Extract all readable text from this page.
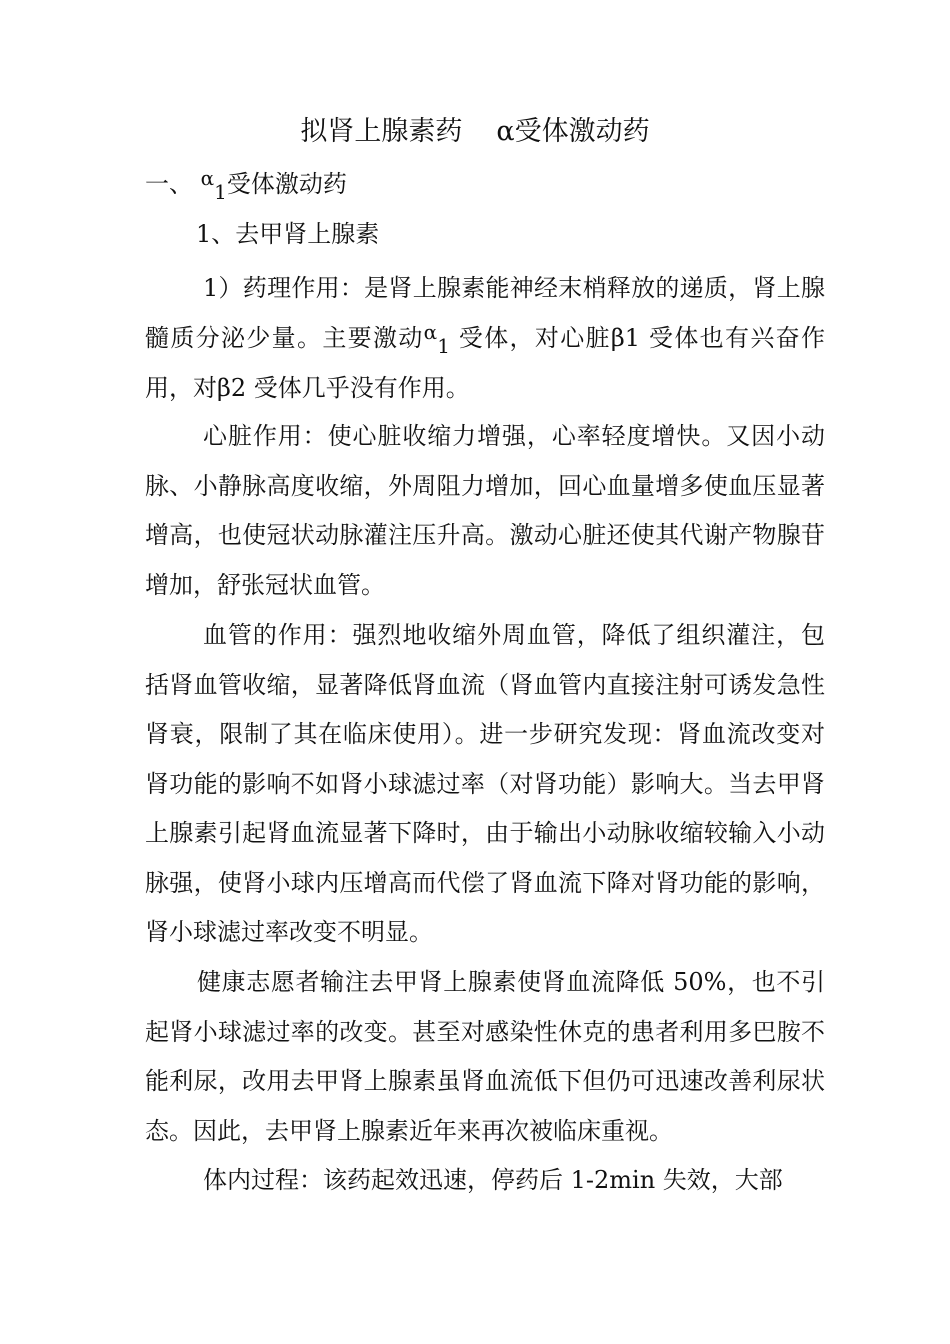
拟肾上腺素药 α受体激动药
一、 $^\alpha_1$受体激动药
1、去甲肾上腺素
1）药理作用：是肾上腺素能神经末梢释放的递质，肾上腺髓质分泌少量。主要激动$^\alpha_1$ 受体，对心脏β1 受体也有兴奋作用，对β2 受体几乎没有作用。
心脏作用：使心脏收缩力增强，心率轻度增快。又因小动脉、小静脉高度收缩，外周阻力增加，回心血量增多使血压显著增高，也使冠状动脉灌注压升高。激动心脏还使其代谢产物腺苷增加，舒张冠状血管。
血管的作用：强烈地收缩外周血管，降低了组织灌注，包括肾血管收缩，显著降低肾血流（肾血管内直接注射可诱发急性肾衰，限制了其在临床使用）。进一步研究发现：肾血流改变对肾功能的影响不如肾小球滤过率（对肾功能）影响大。当去甲肾上腺素引起肾血流显著下降时，由于输出小动脉收缩较输入小动脉强，使肾小球内压增高而代偿了肾血流下降对肾功能的影响，肾小球滤过率改变不明显。
健康志愿者输注去甲肾上腺素使肾血流降低 50%，也不引起肾小球滤过率的改变。甚至对感染性休克的患者利用多巴胺不能利尿，改用去甲肾上腺素虽肾血流低下但仍可迅速改善利尿状态。因此，去甲肾上腺素近年来再次被临床重视。
体内过程：该药起效迅速，停药后 1-2min 失效，大部
